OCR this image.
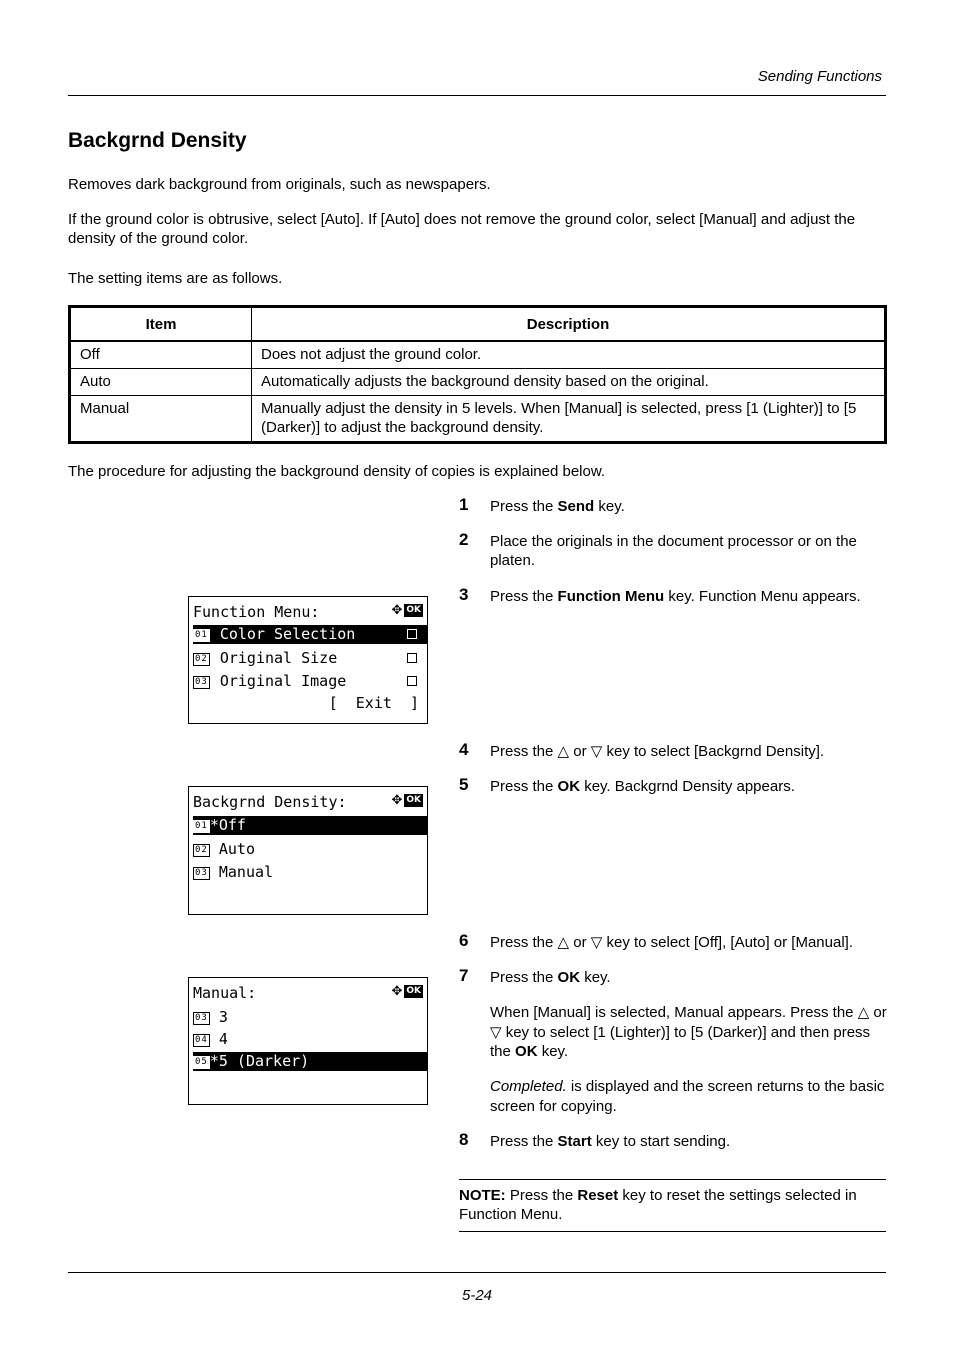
Sending Functions
Backgrnd Density
Removes dark background from originals, such as newspapers.
If the ground color is obtrusive, select [Auto]. If [Auto] does not remove the ground color, select [Manual] and adjust the density of the ground color.
The setting items are as follows.
Item	Description
Off	Does not adjust the ground color.
Auto	Automatically adjusts the background density based on the original.
Manual	Manually adjust the density in 5 levels. When [Manual] is selected, press [1 (Lighter)] to [5 (Darker)] to adjust the background density.
The procedure for adjusting the background density of copies is explained below.
1 Press the Send key.
2 Place the originals in the document processor or on the platen.
3 Press the Function Menu key. Function Menu appears.
4 Press the △ or ▽ key to select [Backgrnd Density].
5 Press the OK key. Backgrnd Density appears.
6 Press the △ or ▽ key to select [Off], [Auto] or [Manual].
7 Press the OK key.
When [Manual] is selected, Manual appears. Press the △ or ▽ key to select [1 (Lighter)] to [5 (Darker)] and then press the OK key.
Completed. is displayed and the screen returns to the basic screen for copying.
8 Press the Start key to start sending.
NOTE: Press the Reset key to reset the settings selected in Function Menu.
Function Menu:	✥ OK
01 Color Selection
02 Original Size
03 Original Image
[  Exit  ]
Backgrnd Density:	✥ OK
01 *Off
02 Auto
03 Manual
Manual:	✥ OK
03 3
04 4
05 *5 (Darker)
5-24
